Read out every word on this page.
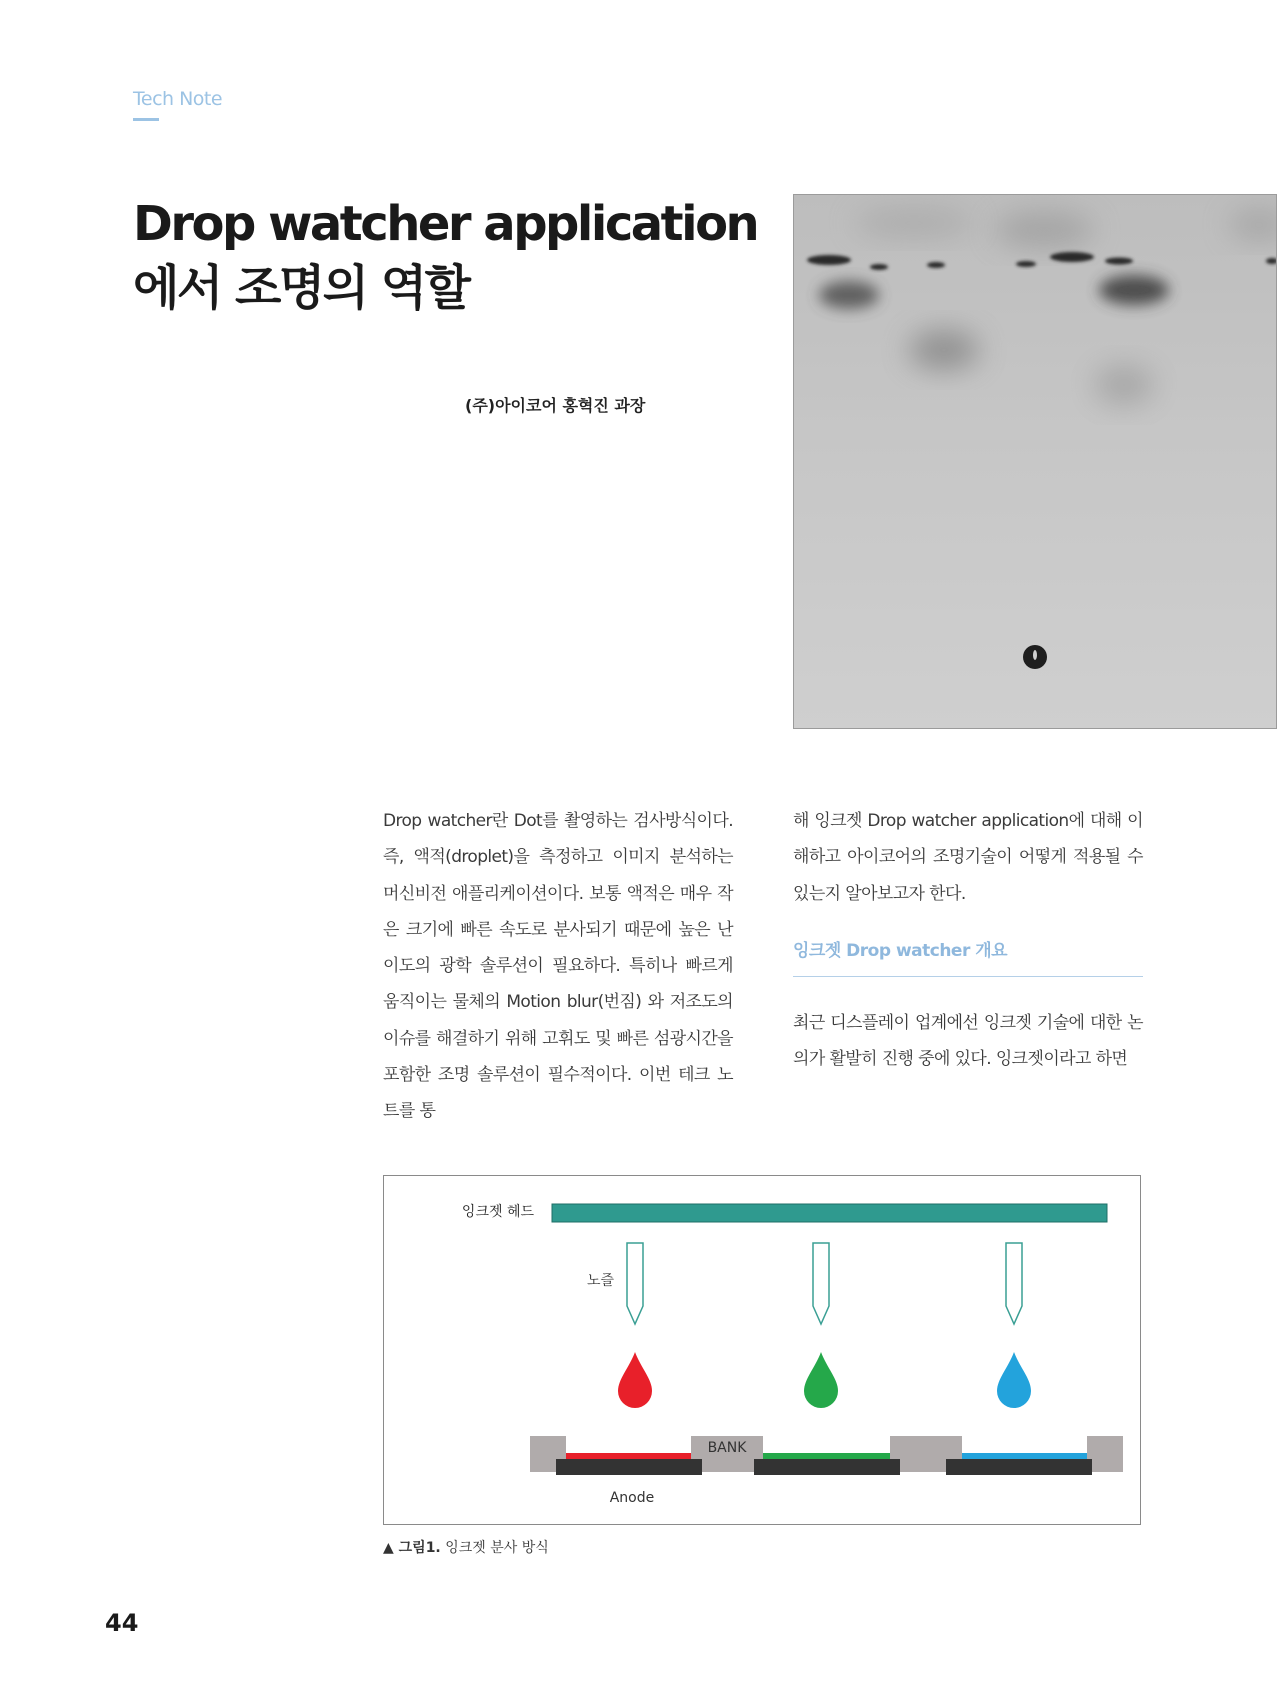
Tech Note
Drop watcher application
에서 조명의 역할
(주)아이코어 홍혁진 과장

Drop watcher란 Dot를 촬영하는 검사방식이다. 즉, 액적(droplet)을 측정하고 이미지 분석하는 머신비전 애플리케이션이다. 보통 액적은 매우 작은 크기에 빠른 속도로 분사되기 때문에 높은 난이도의 광학 솔루션이 필요하다. 특히나 빠르게 움직이는 물체의 Motion blur(번짐) 와 저조도의 이슈를 해결하기 위해 고휘도 및 빠른 섬광시간을 포함한 조명 솔루션이 필수적이다. 이번 테크 노트를 통

해 잉크젯 Drop watcher application에 대해 이해하고 아이코어의 조명기술이 어떻게 적용될 수 있는지 알아보고자 한다.

잉크젯 Drop watcher 개요

최근 디스플레이 업계에선 잉크젯 기술에 대한 논의가 활발히 진행 중에 있다. 잉크젯이라고 하면

잉크젯 헤드
노즐
BANK
Anode
▲ 그림1. 잉크젯 분사 방식
44
